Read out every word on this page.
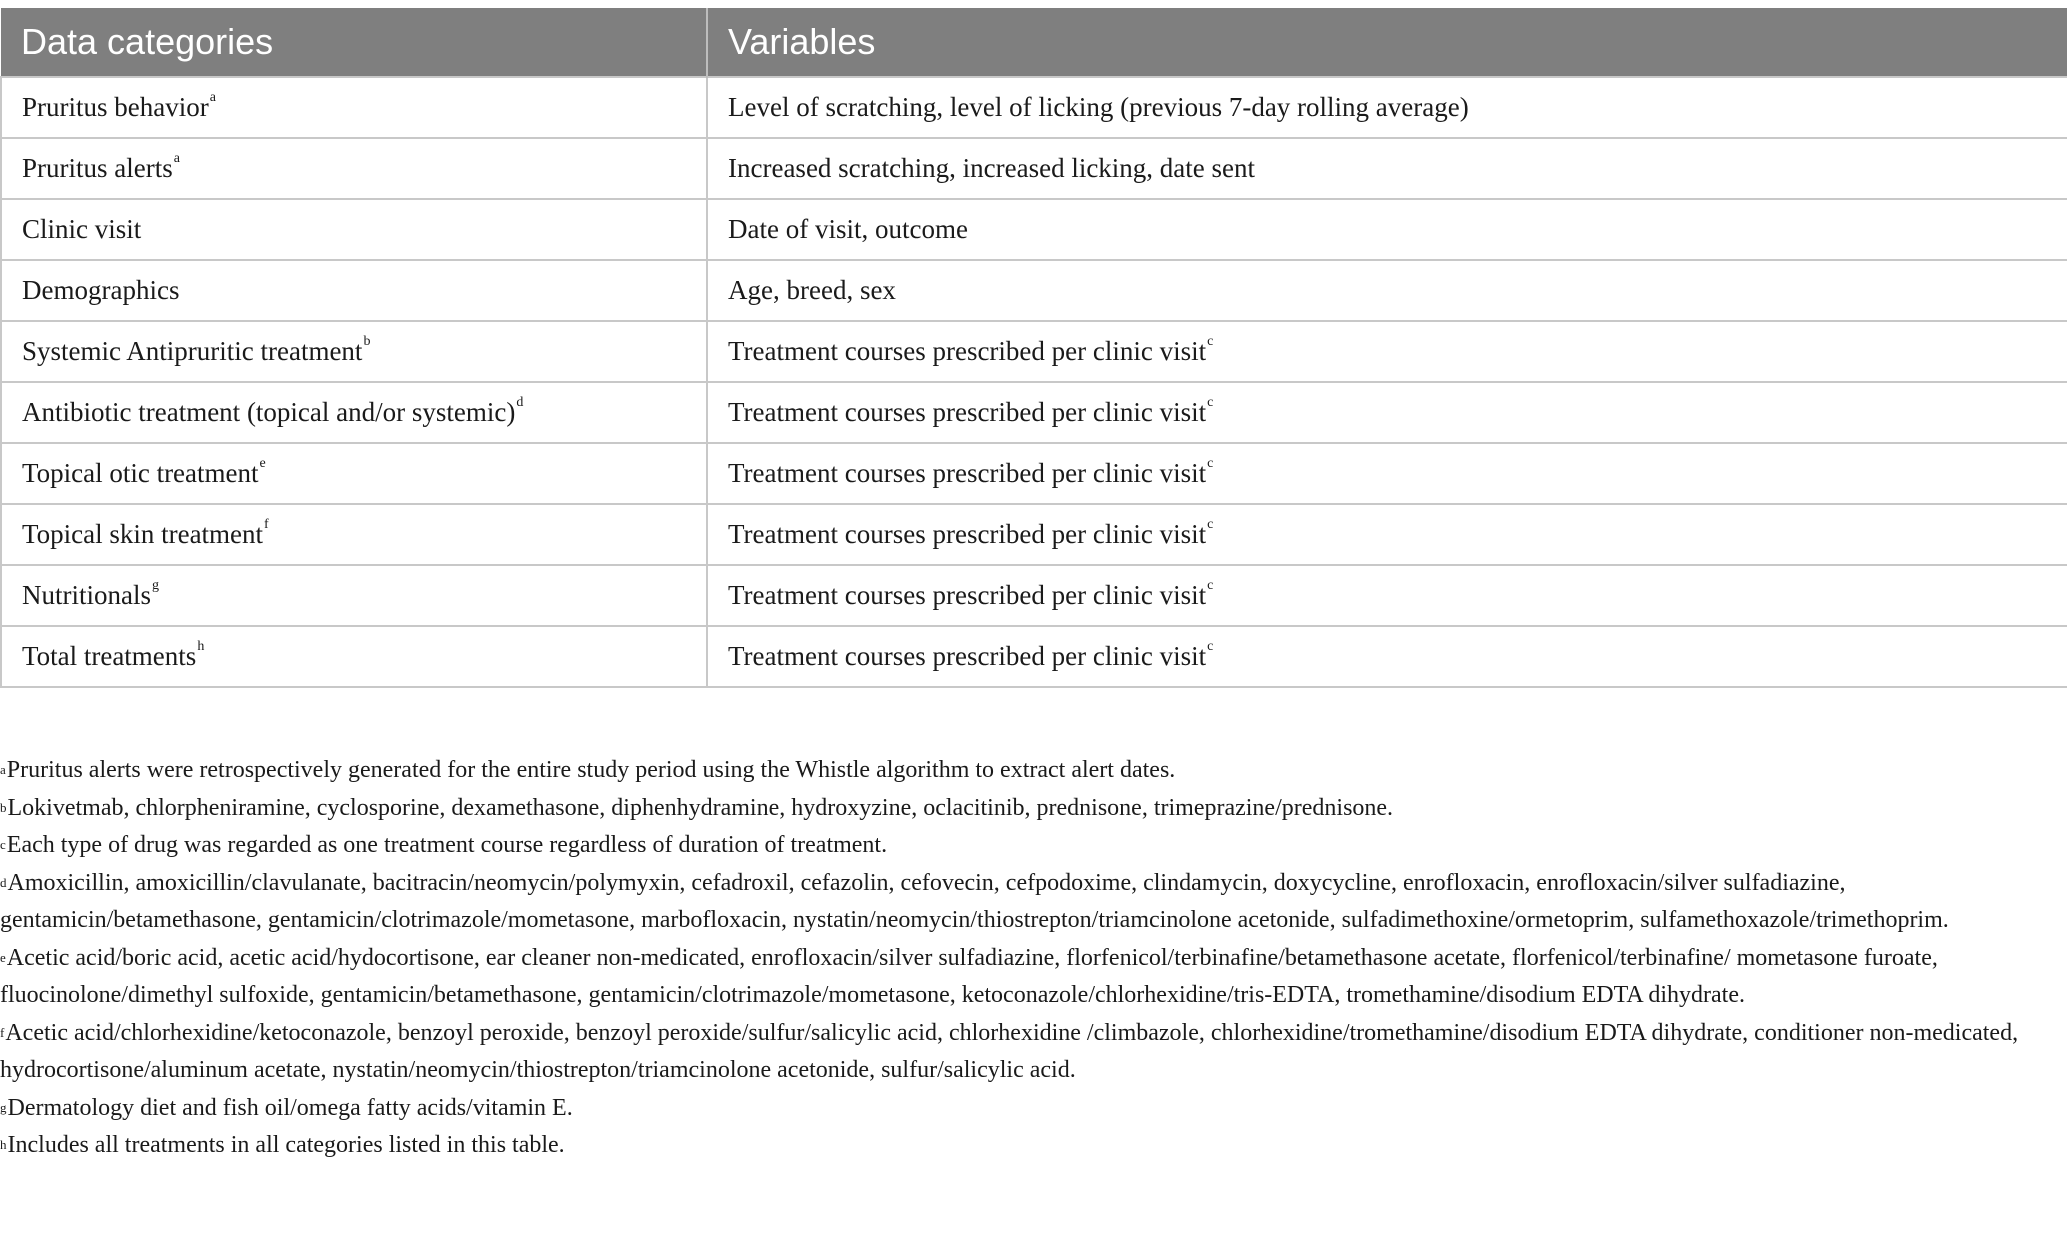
Data categories	Variables
Pruritus behavior$^a$	Level of scratching, level of licking (previous 7-day rolling average)
Pruritus alerts$^a$	Increased scratching, increased licking, date sent
Clinic visit	Date of visit, outcome
Demographics	Age, breed, sex
Systemic Antipruritic treatment$^b$	Treatment courses prescribed per clinic visit$^c$
Antibiotic treatment (topical and/or systemic)$^d$	Treatment courses prescribed per clinic visit$^c$
Topical otic treatment$^e$	Treatment courses prescribed per clinic visit$^c$
Topical skin treatment$^f$	Treatment courses prescribed per clinic visit$^c$
Nutritionals$^g$	Treatment courses prescribed per clinic visit$^c$
Total treatments$^h$	Treatment courses prescribed per clinic visit$^c$

$^a$Pruritus alerts were retrospectively generated for the entire study period using the Whistle algorithm to extract alert dates.

$^b$Lokivetmab, chlorpheniramine, cyclosporine, dexamethasone, diphenhydramine, hydroxyzine, oclacitinib, prednisone, trimeprazine/prednisone.

$^c$Each type of drug was regarded as one treatment course regardless of duration of treatment.

$^d$Amoxicillin, amoxicillin/clavulanate, bacitracin/neomycin/polymyxin, cefadroxil, cefazolin, cefovecin, cefpodoxime, clindamycin, doxycycline, enrofloxacin, enrofloxacin/silver sulfadiazine, gentamicin/betamethasone, gentamicin/clotrimazole/mometasone, marbofloxacin, nystatin/neomycin/thiostrepton/triamcinolone acetonide, sulfadimethoxine/ormetoprim, sulfamethoxazole/trimethoprim.

$^e$Acetic acid/boric acid, acetic acid/hydocortisone, ear cleaner non-medicated, enrofloxacin/silver sulfadiazine, florfenicol/terbinafine/betamethasone acetate, florfenicol/terbinafine/ mometasone furoate, fluocinolone/dimethyl sulfoxide, gentamicin/betamethasone, gentamicin/clotrimazole/mometasone, ketoconazole/chlorhexidine/tris-EDTA, tromethamine/disodium EDTA dihydrate.

$^f$Acetic acid/chlorhexidine/ketoconazole, benzoyl peroxide, benzoyl peroxide/sulfur/salicylic acid, chlorhexidine /climbazole, chlorhexidine/tromethamine/disodium EDTA dihydrate, conditioner non-medicated, hydrocortisone/aluminum acetate, nystatin/neomycin/thiostrepton/triamcinolone acetonide, sulfur/salicylic acid.

$^g$Dermatology diet and fish oil/omega fatty acids/vitamin E.

$^h$Includes all treatments in all categories listed in this table.
